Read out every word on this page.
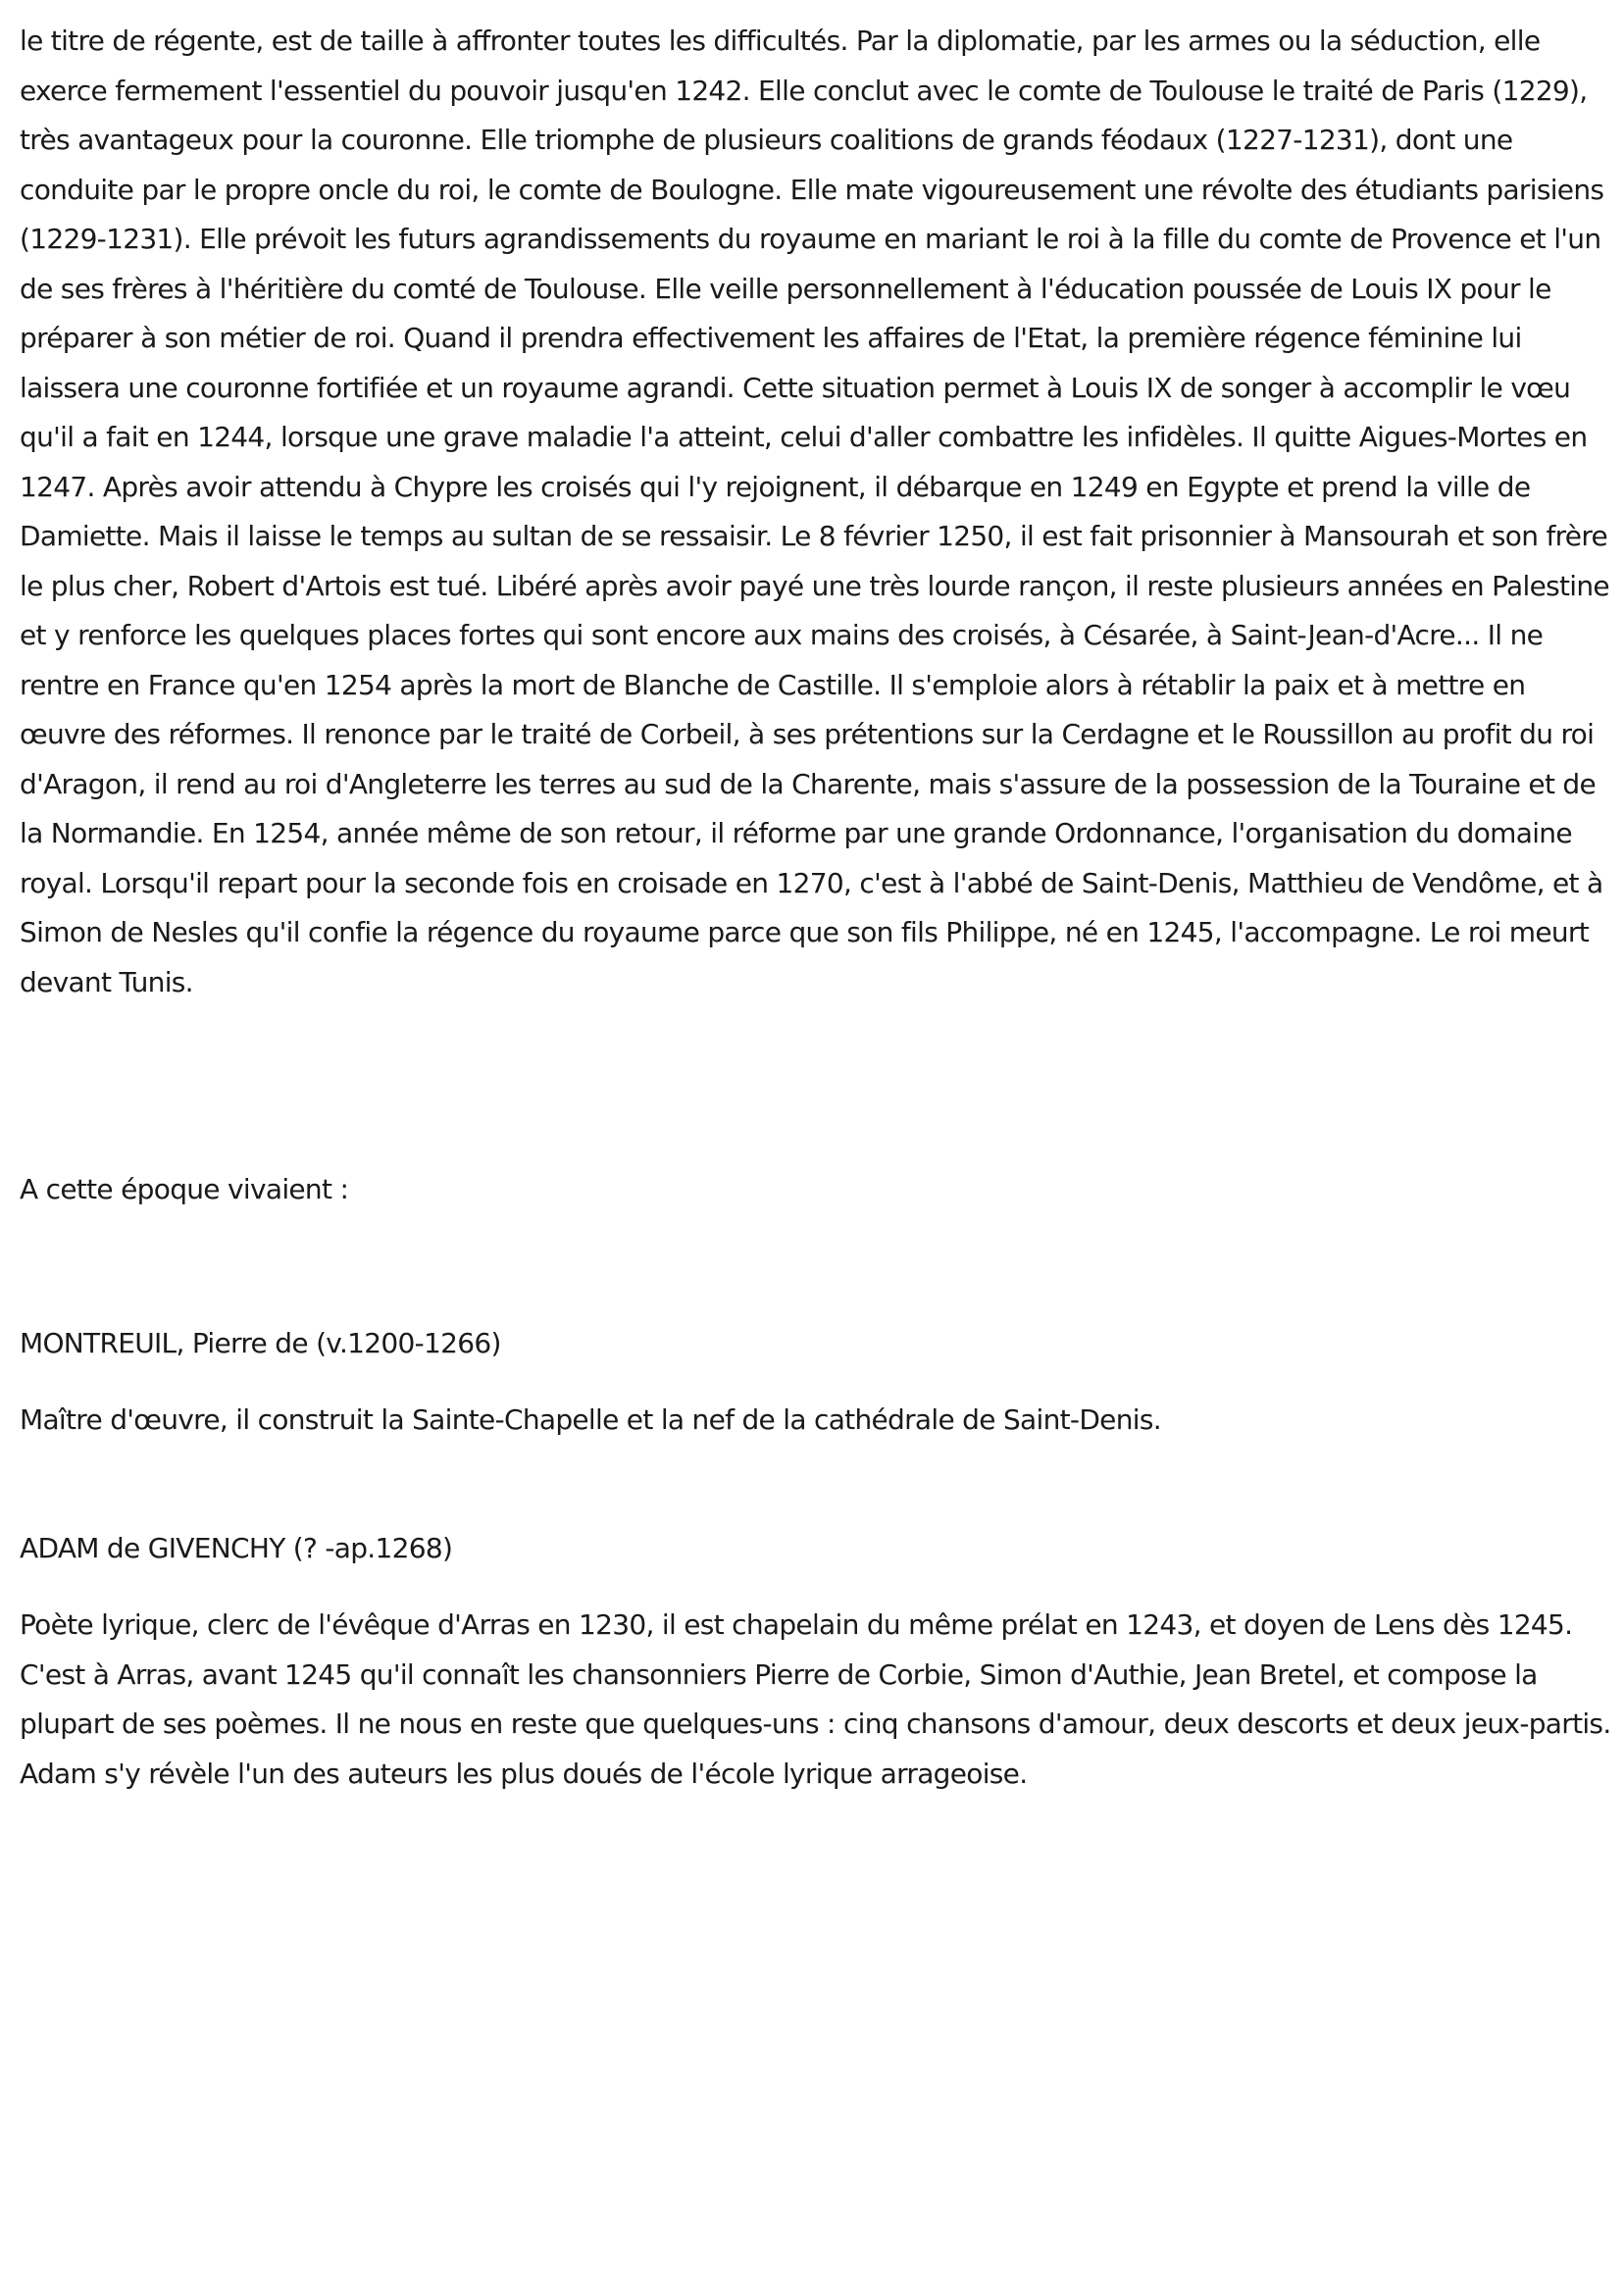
le titre de régente, est de taille à affronter toutes les difficultés. Par la diplomatie, par les armes ou la séduction, elle exerce fermement l'essentiel du pouvoir jusqu'en 1242. Elle conclut avec le comte de Toulouse le traité de Paris (1229), très avantageux pour la couronne. Elle triomphe de plusieurs coalitions de grands féodaux (1227-1231), dont une conduite par le propre oncle du roi, le comte de Boulogne. Elle mate vigoureusement une révolte des étudiants parisiens (1229-1231). Elle prévoit les futurs agrandissements du royaume en mariant le roi à la fille du comte de Provence et l'un de ses frères à l'héritière du comté de Toulouse. Elle veille personnellement à l'éducation poussée de Louis IX pour le préparer à son métier de roi. Quand il prendra effectivement les affaires de l'Etat, la première régence féminine lui laissera une couronne fortifiée et un royaume agrandi. Cette situation permet à Louis IX de songer à accomplir le vœu qu'il a fait en 1244, lorsque une grave maladie l'a atteint, celui d'aller combattre les infidèles. Il quitte Aigues-Mortes en 1247. Après avoir attendu à Chypre les croisés qui l'y rejoignent, il débarque en 1249 en Egypte et prend la ville de Damiette. Mais il laisse le temps au sultan de se ressaisir. Le 8 février 1250, il est fait prisonnier à Mansourah et son frère le plus cher, Robert d'Artois est tué. Libéré après avoir payé une très lourde rançon, il reste plusieurs années en Palestine et y renforce les quelques places fortes qui sont encore aux mains des croisés, à Césarée, à Saint-Jean-d'Acre... Il ne rentre en France qu'en 1254 après la mort de Blanche de Castille. Il s'emploie alors à rétablir la paix et à mettre en œuvre des réformes. Il renonce par le traité de Corbeil, à ses prétentions sur la Cerdagne et le Roussillon au profit du roi d'Aragon, il rend au roi d'Angleterre les terres au sud de la Charente, mais s'assure de la possession de la Touraine et de la Normandie. En 1254, année même de son retour, il réforme par une grande Ordonnance, l'organisation du domaine royal. Lorsqu'il repart pour la seconde fois en croisade en 1270, c'est à l'abbé de Saint-Denis, Matthieu de Vendôme, et à Simon de Nesles qu'il confie la régence du royaume parce que son fils Philippe, né en 1245, l'accompagne. Le roi meurt devant Tunis.

A cette époque vivaient :

MONTREUIL, Pierre de (v.1200-1266)

Maître d'œuvre, il construit la Sainte-Chapelle et la nef de la cathédrale de Saint-Denis.

ADAM de GIVENCHY (? -ap.1268)

Poète lyrique, clerc de l'évêque d'Arras en 1230, il est chapelain du même prélat en 1243, et doyen de Lens dès 1245. C'est à Arras, avant 1245 qu'il connaît les chansonniers Pierre de Corbie, Simon d'Authie, Jean Bretel, et compose la plupart de ses poèmes. Il ne nous en reste que quelques-uns : cinq chansons d'amour, deux descorts et deux jeux-partis. Adam s'y révèle l'un des auteurs les plus doués de l'école lyrique arrageoise.
